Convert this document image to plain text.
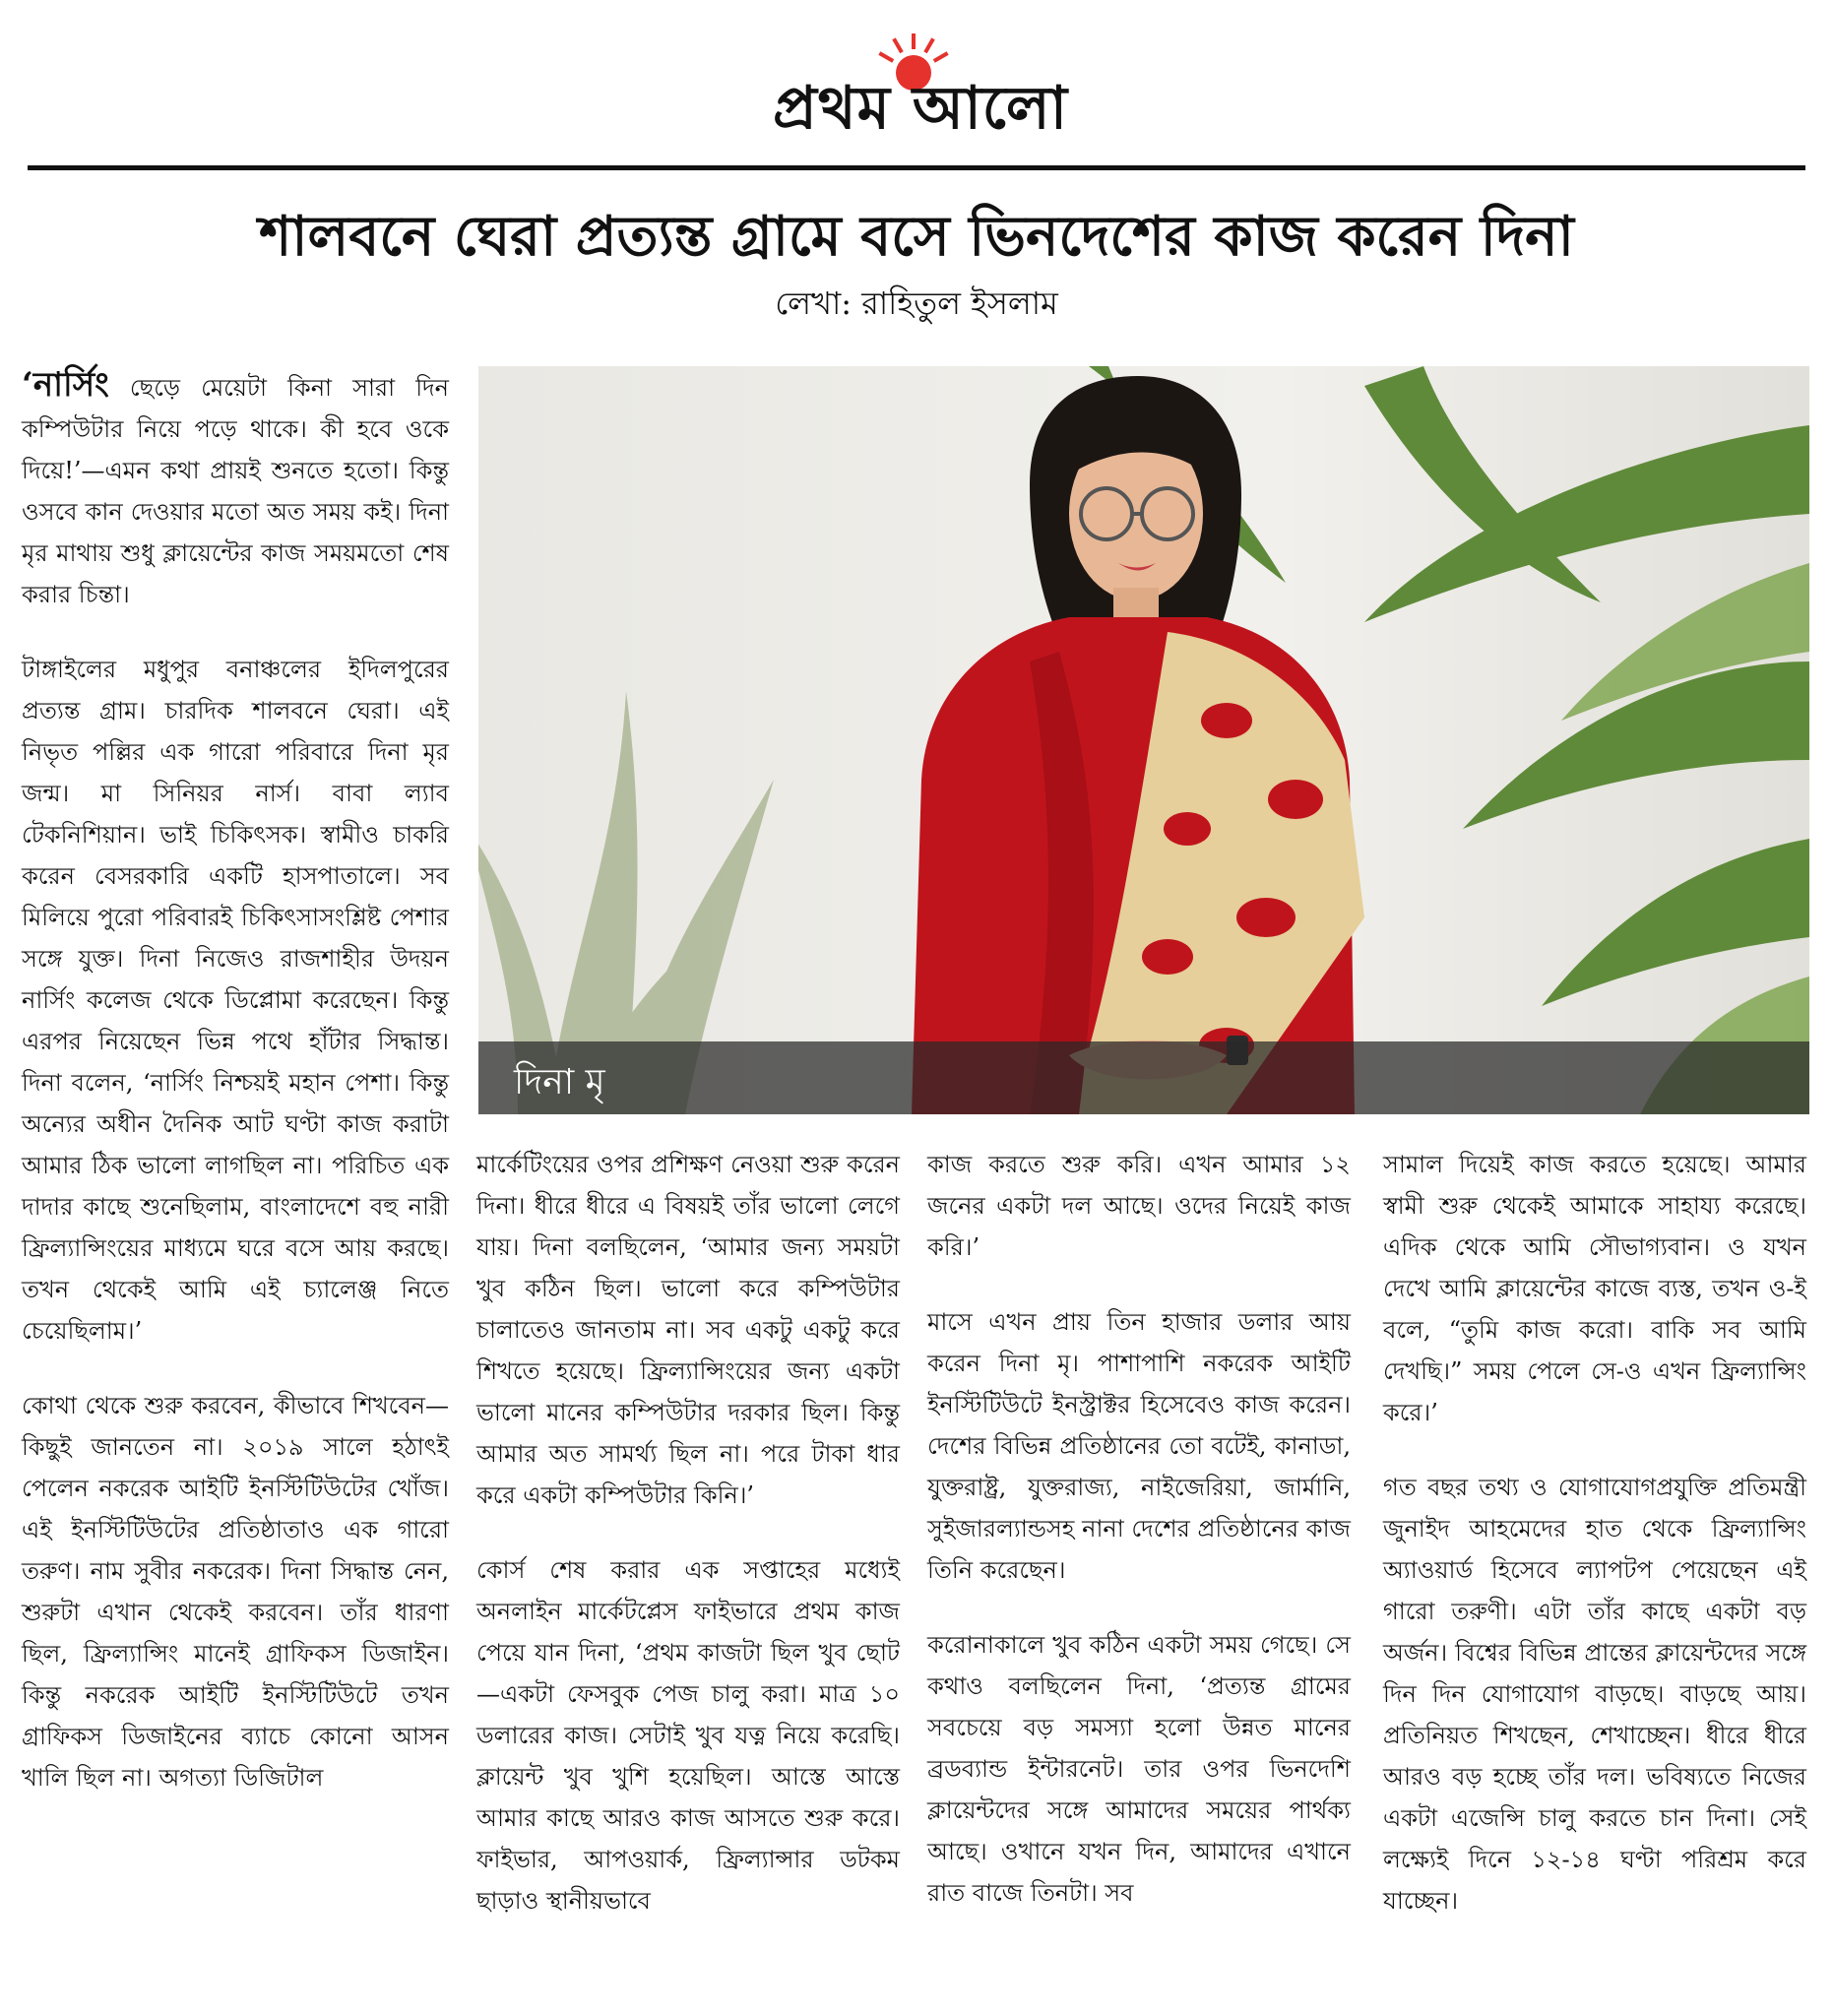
প্রথম আলো
শালবনে ঘেরা প্রত্যন্ত গ্রামে বসে ভিনদেশের কাজ করেন দিনা
লেখা: রাহিতুল ইসলাম

‘নার্সিং ছেড়ে মেয়েটা কিনা সারা দিন কম্পিউটার নিয়ে পড়ে থাকে। কী হবে ওকে দিয়ে!’—এমন কথা প্রায়ই শুনতে হতো। কিন্তু ওসবে কান দেওয়ার মতো অত সময় কই। দিনা মৃর মাথায় শুধু ক্লায়েন্টের কাজ সময়মতো শেষ করার চিন্তা।

টাঙ্গাইলের মধুপুর বনাঞ্চলের ইদিলপুরের প্রত্যন্ত গ্রাম। চারদিক শালবনে ঘেরা। এই নিভৃত পল্লির এক গারো পরিবারে দিনা মৃর জন্ম। মা সিনিয়র নার্স। বাবা ল্যাব টেকনিশিয়ান। ভাই চিকিৎসক। স্বামীও চাকরি করেন বেসরকারি একটি হাসপাতালে। সব মিলিয়ে পুরো পরিবারই চিকিৎসাসংশ্লিষ্ট পেশার সঙ্গে যুক্ত। দিনা নিজেও রাজশাহীর উদয়ন নার্সিং কলেজ থেকে ডিপ্লোমা করেছেন। কিন্তু এরপর নিয়েছেন ভিন্ন পথে হাঁটার সিদ্ধান্ত। দিনা বলেন, ‘নার্সিং নিশ্চয়ই মহান পেশা। কিন্তু অন্যের অধীন দৈনিক আট ঘণ্টা কাজ করাটা আমার ঠিক ভালো লাগছিল না। পরিচিত এক দাদার কাছে শুনেছিলাম, বাংলাদেশে বহু নারী ফ্রিল্যান্সিংয়ের মাধ্যমে ঘরে বসে আয় করছে। তখন থেকেই আমি এই চ্যালেঞ্জ নিতে চেয়েছিলাম।’

কোথা থেকে শুরু করবেন, কীভাবে শিখবেন—কিছুই জানতেন না। ২০১৯ সালে হঠাৎই পেলেন নকরেক আইটি ইনস্টিটিউটের খোঁজ। এই ইনস্টিটিউটের প্রতিষ্ঠাতাও এক গারো তরুণ। নাম সুবীর নকরেক। দিনা সিদ্ধান্ত নেন, শুরুটা এখান থেকেই করবেন। তাঁর ধারণা ছিল, ফ্রিল্যান্সিং মানেই গ্রাফিকস ডিজাইন। কিন্তু নকরেক আইটি ইনস্টিটিউটে তখন গ্রাফিকস ডিজাইনের ব্যাচে কোনো আসন খালি ছিল না। অগত্যা ডিজিটাল

দিনা মৃ

মার্কেটিংয়ের ওপর প্রশিক্ষণ নেওয়া শুরু করেন দিনা। ধীরে ধীরে এ বিষয়ই তাঁর ভালো লেগে যায়। দিনা বলছিলেন, ‘আমার জন্য সময়টা খুব কঠিন ছিল। ভালো করে কম্পিউটার চালাতেও জানতাম না। সব একটু একটু করে শিখতে হয়েছে। ফ্রিল্যান্সিংয়ের জন্য একটা ভালো মানের কম্পিউটার দরকার ছিল। কিন্তু আমার অত সামর্থ্য ছিল না। পরে টাকা ধার করে একটা কম্পিউটার কিনি।’

কোর্স শেষ করার এক সপ্তাহের মধ্যেই অনলাইন মার্কেটপ্লেস ফাইভারে প্রথম কাজ পেয়ে যান দিনা, ‘প্রথম কাজটা ছিল খুব ছোট—একটা ফেসবুক পেজ চালু করা। মাত্র ১০ ডলারের কাজ। সেটাই খুব যত্ন নিয়ে করেছি। ক্লায়েন্ট খুব খুশি হয়েছিল। আস্তে আস্তে আমার কাছে আরও কাজ আসতে শুরু করে। ফাইভার, আপওয়ার্ক, ফ্রিল্যান্সার ডটকম ছাড়াও স্থানীয়ভাবে

কাজ করতে শুরু করি। এখন আমার ১২ জনের একটা দল আছে। ওদের নিয়েই কাজ করি।’

মাসে এখন প্রায় তিন হাজার ডলার আয় করেন দিনা মৃ। পাশাপাশি নকরেক আইটি ইনস্টিটিউটে ইনস্ট্রাক্টর হিসেবেও কাজ করেন। দেশের বিভিন্ন প্রতিষ্ঠানের তো বটেই, কানাডা, যুক্তরাষ্ট্র, যুক্তরাজ্য, নাইজেরিয়া, জার্মানি, সুইজারল্যান্ডসহ নানা দেশের প্রতিষ্ঠানের কাজ তিনি করেছেন।

করোনাকালে খুব কঠিন একটা সময় গেছে। সে কথাও বলছিলেন দিনা, ‘প্রত্যন্ত গ্রামের সবচেয়ে বড় সমস্যা হলো উন্নত মানের ব্রডব্যান্ড ইন্টারনেট। তার ওপর ভিনদেশি ক্লায়েন্টদের সঙ্গে আমাদের সময়ের পার্থক্য আছে। ওখানে যখন দিন, আমাদের এখানে রাত বাজে তিনটা। সব

সামাল দিয়েই কাজ করতে হয়েছে। আমার স্বামী শুরু থেকেই আমাকে সাহায্য করেছে। এদিক থেকে আমি সৌভাগ্যবান। ও যখন দেখে আমি ক্লায়েন্টের কাজে ব্যস্ত, তখন ও-ই বলে, “তুমি কাজ করো। বাকি সব আমি দেখছি।” সময় পেলে সে-ও এখন ফ্রিল্যান্সিং করে।’

গত বছর তথ্য ও যোগাযোগপ্রযুক্তি প্রতিমন্ত্রী জুনাইদ আহমেদের হাত থেকে ফ্রিল্যান্সিং অ্যাওয়ার্ড হিসেবে ল্যাপটপ পেয়েছেন এই গারো তরুণী। এটা তাঁর কাছে একটা বড় অর্জন। বিশ্বের বিভিন্ন প্রান্তের ক্লায়েন্টদের সঙ্গে দিন দিন যোগাযোগ বাড়ছে। বাড়ছে আয়। প্রতিনিয়ত শিখছেন, শেখাচ্ছেন। ধীরে ধীরে আরও বড় হচ্ছে তাঁর দল। ভবিষ্যতে নিজের একটা এজেন্সি চালু করতে চান দিনা। সেই লক্ষ্যেই দিনে ১২-১৪ ঘণ্টা পরিশ্রম করে যাচ্ছেন।
